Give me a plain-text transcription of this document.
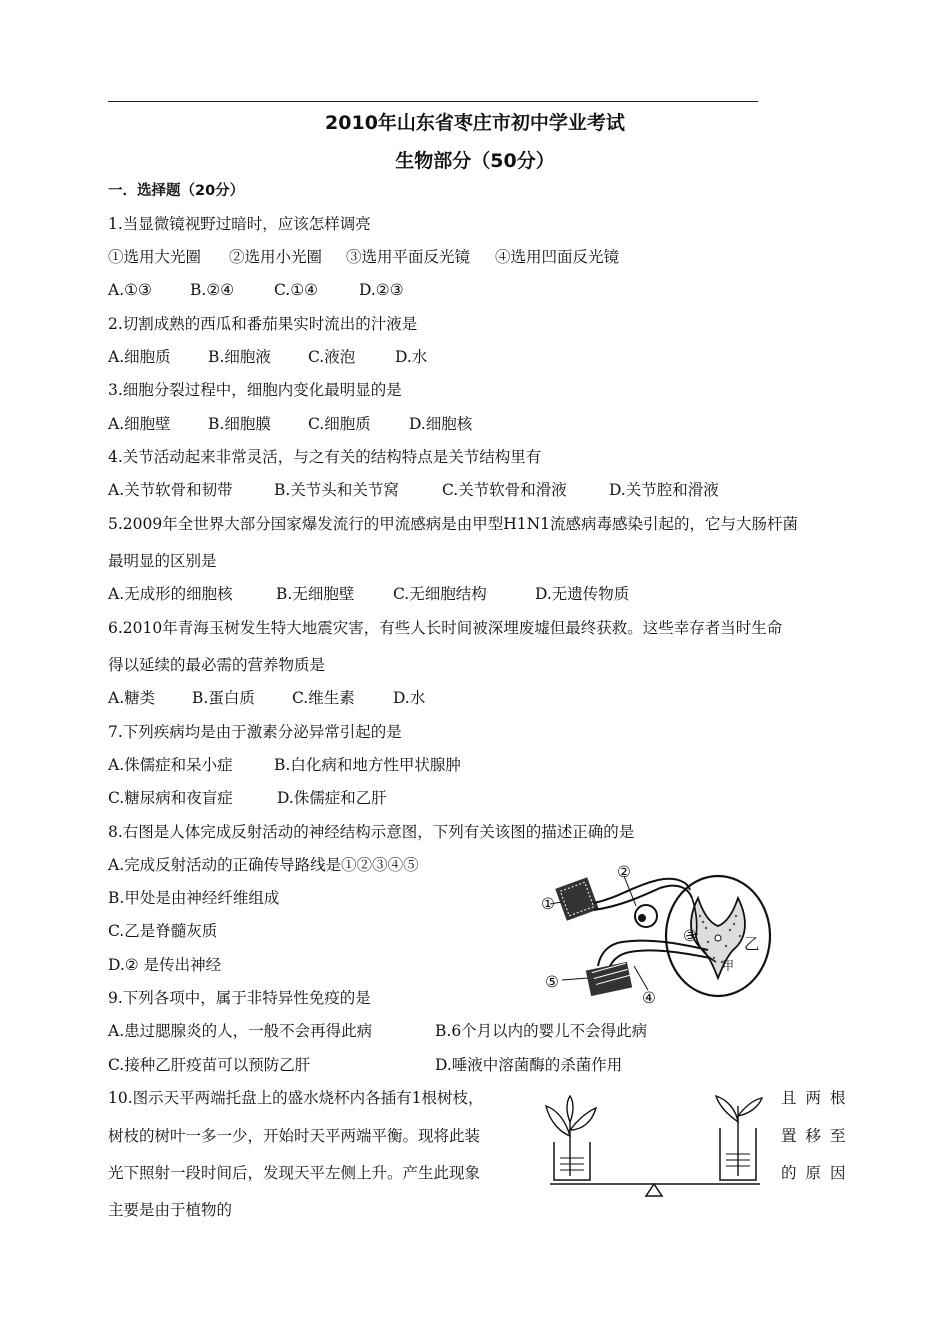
2010年山东省枣庄市初中学业考试
生物部分（50分）
一．选择题（20分）
1.当显微镜视野过暗时，应该怎样调亮
①选用大光圈 ②选用小光圈 ③选用平面反光镜 ④选用凹面反光镜
A.①③ B.②④	C.①④	D.②③
2.切割成熟的西瓜和番茄果实时流出的汁液是
A.细胞质 B.细胞液 C.液泡	D.水
3.细胞分裂过程中，细胞内变化最明显的是
A.细胞壁 B.细胞膜 C.细胞质 D.细胞核
4.关节活动起来非常灵活，与之有关的结构特点是关节结构里有
A.关节软骨和韧带	B.关节头和关节窝	C.关节软骨和滑液	D.关节腔和滑液
5.2009年全世界大部分国家爆发流行的甲流感病是由甲型H1N1流感病毒感染引起的，它与大肠杆菌
最明显的区别是
A.无成形的细胞核	B.无细胞壁 C.无细胞结构	D.无遗传物质
6.2010年青海玉树发生特大地震灾害，有些人长时间被深埋废墟但最终获救。这些幸存者当时生命
得以延续的最必需的营养物质是
A.糖类 B.蛋白质 C.维生素 D.水
7.下列疾病均是由于激素分泌异常引起的是
A.侏儒症和呆小症	B.白化病和地方性甲状腺肿
C.糖尿病和夜盲症	D.侏儒症和乙肝
8.右图是人体完成反射活动的神经结构示意图，下列有关该图的描述正确的是
A.完成反射活动的正确传导路线是①②③④⑤
B.甲处是由神经纤维组成
C.乙是脊髓灰质
D.② 是传出神经
①
②
③
④
⑤
甲
乙
9.下列各项中，属于非特异性免疫的是
A.患过腮腺炎的人，一般不会再得此病	B.6个月以内的婴儿不会得此病
C.接种乙肝疫苗可以预防乙肝	D.唾液中溶菌酶的杀菌作用
10.图示天平两端托盘上的盛水烧杯内各插有1根树枝，	且两根
树枝的树叶一多一少，开始时天平两端平衡。现将此装	置移至
光下照射一段时间后，发现天平左侧上升。产生此现象	的原因
主要是由于植物的
